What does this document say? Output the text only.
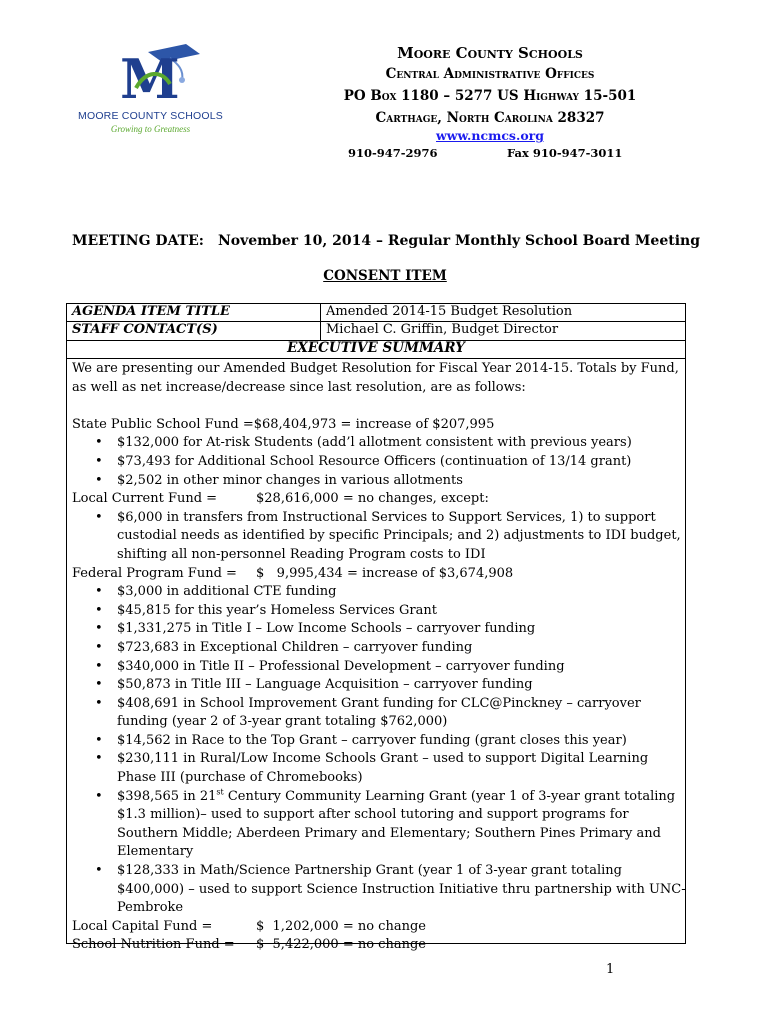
M
MOORE COUNTY SCHOOLS
Growing to Greatness
Moore County Schools
Central Administrative Offices
PO Box 1180 – 5277 US Highway 15-501
Carthage, North Carolina 28327
www.ncmcs.org
910-947-2976	Fax 910-947-3011
MEETING DATE: November 10, 2014 – Regular Monthly School Board Meeting
CONSENT ITEM
AGENDA ITEM TITLE	Amended 2014-15 Budget Resolution
STAFF CONTACT(S)	Michael C. Griffin, Budget Director
EXECUTIVE SUMMARY

We are presenting our Amended Budget Resolution for Fiscal Year 2014-15. Totals by Fund, as well as net increase/decrease since last resolution, are as follows:

State Public School Fund =$68,404,973 = increase of $207,995

• $132,000 for At-risk Students (add’l allotment consistent with previous years)
• $73,493 for Additional School Resource Officers (continuation of 13/14 grant)
• $2,502 in other minor changes in various allotments

Local Current Fund =	$28,616,000 = no changes, except:

• $6,000 in transfers from Instructional Services to Support Services, 1) to support custodial needs as identified by specific Principals; and 2) adjustments to IDI budget, shifting all non-personnel Reading Program costs to IDI

Federal Program Fund = $   9,995,434 = increase of $3,674,908

• $3,000 in additional CTE funding
• $45,815 for this year’s Homeless Services Grant
• $1,331,275 in Title I – Low Income Schools – carryover funding
• $723,683 in Exceptional Children – carryover funding
• $340,000 in Title II – Professional Development – carryover funding
• $50,873 in Title III – Language Acquisition – carryover funding
• $408,691 in School Improvement Grant funding for CLC@Pinckney – carryover funding (year 2 of 3-year grant totaling $762,000)
• $14,562 in Race to the Top Grant – carryover funding (grant closes this year)
• $230,111 in Rural/Low Income Schools Grant – used to support Digital Learning Phase III (purchase of Chromebooks)
• $398,565 in 21st Century Community Learning Grant (year 1 of 3-year grant totaling $1.3 million)– used to support after school tutoring and support programs for Southern Middle; Aberdeen Primary and Elementary; Southern Pines Primary and Elementary
• $128,333 in Math/Science Partnership Grant (year 1 of 3-year grant totaling $400,000) – used to support Science Instruction Initiative thru partnership with UNC-Pembroke

Local Capital Fund =	$  1,202,000 = no change

School Nutrition Fund = $  5,422,000 = no change

1
